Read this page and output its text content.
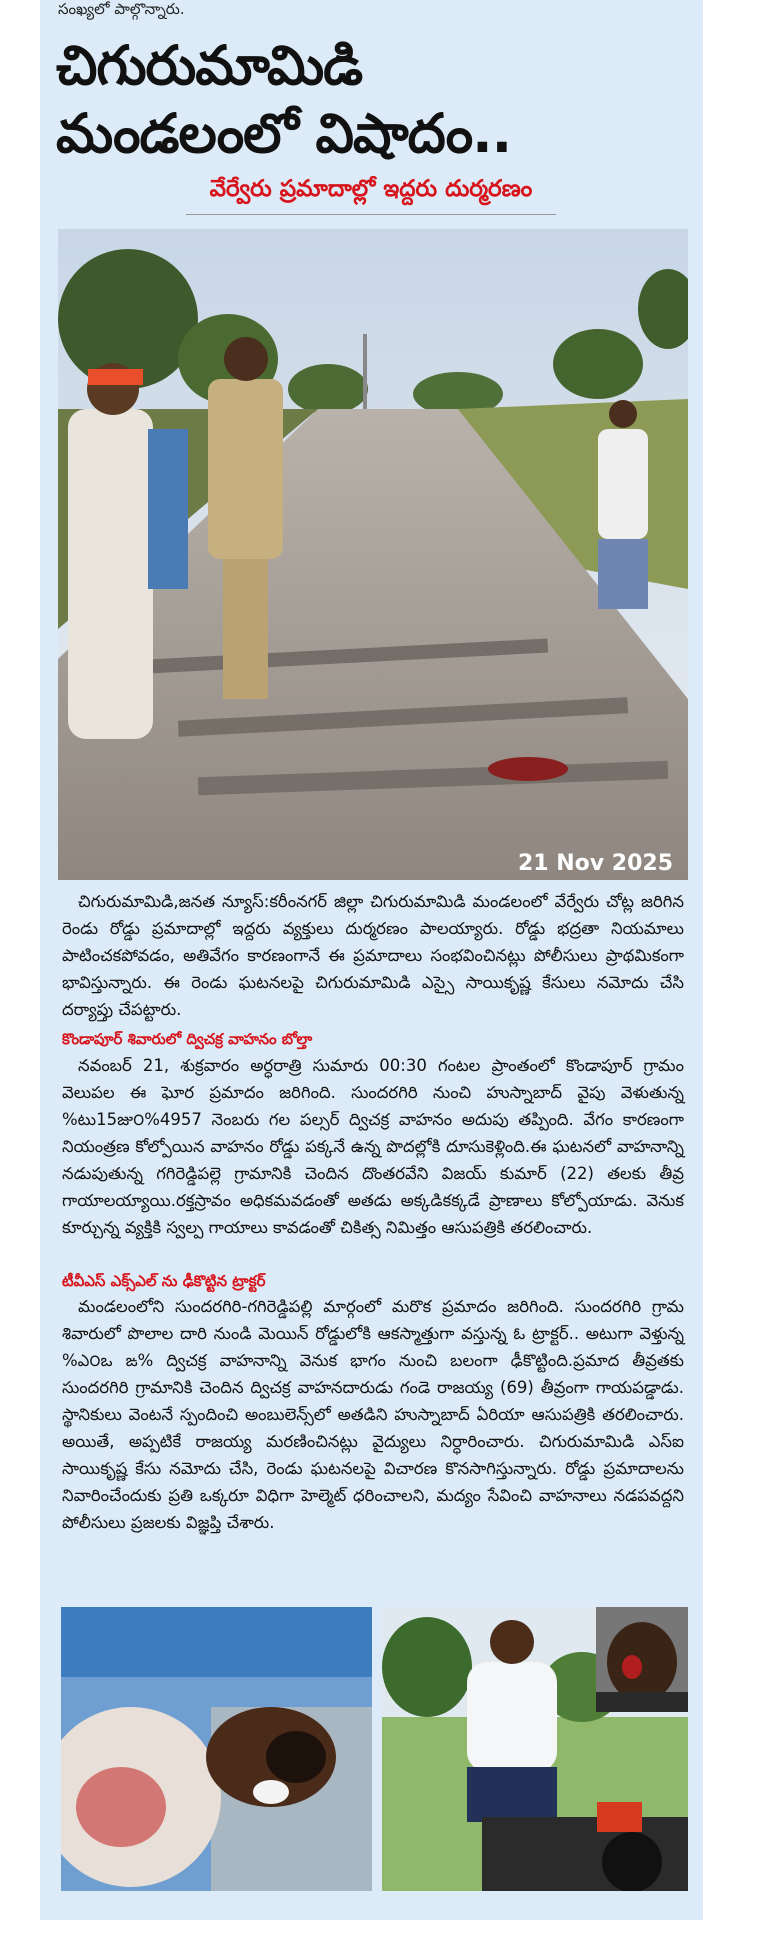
సంఖ్యలో పాల్గొన్నారు.
చిగురుమామిడి
మండలంలో విషాదం..
వేర్వేరు ప్రమాదాల్లో ఇద్దరు దుర్మరణం
21 Nov 2025

చిగురుమామిడి,జనత న్యూస్:కరీంనగర్ జిల్లా చిగురుమామిడి మండలంలో వేర్వేరు చోట్ల జరిగిన రెండు రోడ్డు ప్రమాదాల్లో ఇద్దరు వ్యక్తులు దుర్మరణం పాలయ్యారు. రోడ్డు భద్రతా నియమాలు పాటించకపోవడం, అతివేగం కారణంగానే ఈ ప్రమాదాలు సంభవించినట్లు పోలీసులు ప్రాథమికంగా భావిస్తున్నారు. ఈ రెండు ఘటనలపై చిగురుమామిడి ఎస్సై సాయికృష్ణ కేసులు నమోదు చేసి దర్యాప్తు చేపట్టారు.

కొండాపూర్ శివారులో ద్విచక్ర వాహనం బోల్తా

నవంబర్ 21, శుక్రవారం అర్ధరాత్రి సుమారు 00:30 గంటల ప్రాంతంలో కొండాపూర్ గ్రామం వెలుపల ఈ ఘోర ప్రమాదం జరిగింది. సుందరగిరి నుంచి హుస్నాబాద్ వైపు వెళుతున్న %టు15జు౦%4957 నెంబరు గల పల్సర్ ద్విచక్ర వాహనం అదుపు తప్పింది. వేగం కారణంగా నియంత్రణ కోల్పోయిన వాహనం రోడ్డు పక్కనే ఉన్న పొదల్లోకి దూసుకెళ్లింది.ఈ ఘటనలో వాహనాన్ని నడుపుతున్న గగిరెడ్డిపల్లె గ్రామానికి చెందిన దొంతరవేని విజయ్ కుమార్ (22) తలకు తీవ్ర గాయాలయ్యాయి.రక్తస్రావం అధికమవడంతో అతడు అక్కడికక్కడే ప్రాణాలు కోల్పోయాడు. వెనుక కూర్చున్న వ్యక్తికి స్వల్ప గాయాలు కావడంతో చికిత్స నిమిత్తం ఆసుపత్రికి తరలించారు.

టీవీఎస్ ఎక్స్ఎల్ ను ఢీకొట్టిన ట్రాక్టర్

మండలంలోని సుందరగిరి-గగిరెడ్డిపల్లి మార్గంలో మరొక ప్రమాదం జరిగింది. సుందరగిరి గ్రామ శివారులో పొలాల దారి నుండి మెయిన్ రోడ్డులోకి ఆకస్మాత్తుగా వస్తున్న ఓ ట్రాక్టర్.. అటుగా వెళ్తున్న %ఎ౦ఒ ఙ% ద్విచక్ర వాహనాన్ని వెనుక భాగం నుంచి బలంగా ఢీకొట్టింది.ప్రమాద తీవ్రతకు సుందరగిరి గ్రామానికి చెందిన ద్విచక్ర వాహనదారుడు గండె రాజయ్య (69) తీవ్రంగా గాయపడ్డాడు. స్థానికులు వెంటనే స్పందించి అంబులెన్స్‌లో అతడిని హుస్నాబాద్ ఏరియా ఆసుపత్రికి తరలించారు. అయితే, అప్పటికే రాజయ్య మరణించినట్లు వైద్యులు నిర్ధారించారు. చిగురుమామిడి ఎస్ఐ సాయికృష్ణ కేసు నమోదు చేసి, రెండు ఘటనలపై విచారణ కొనసాగిస్తున్నారు. రోడ్డు ప్రమాదాలను నివారించేందుకు ప్రతి ఒక్కరూ విధిగా హెల్మెట్ ధరించాలని, మద్యం సేవించి వాహనాలు నడపవద్దని పోలీసులు ప్రజలకు విజ్ఞప్తి చేశారు.
